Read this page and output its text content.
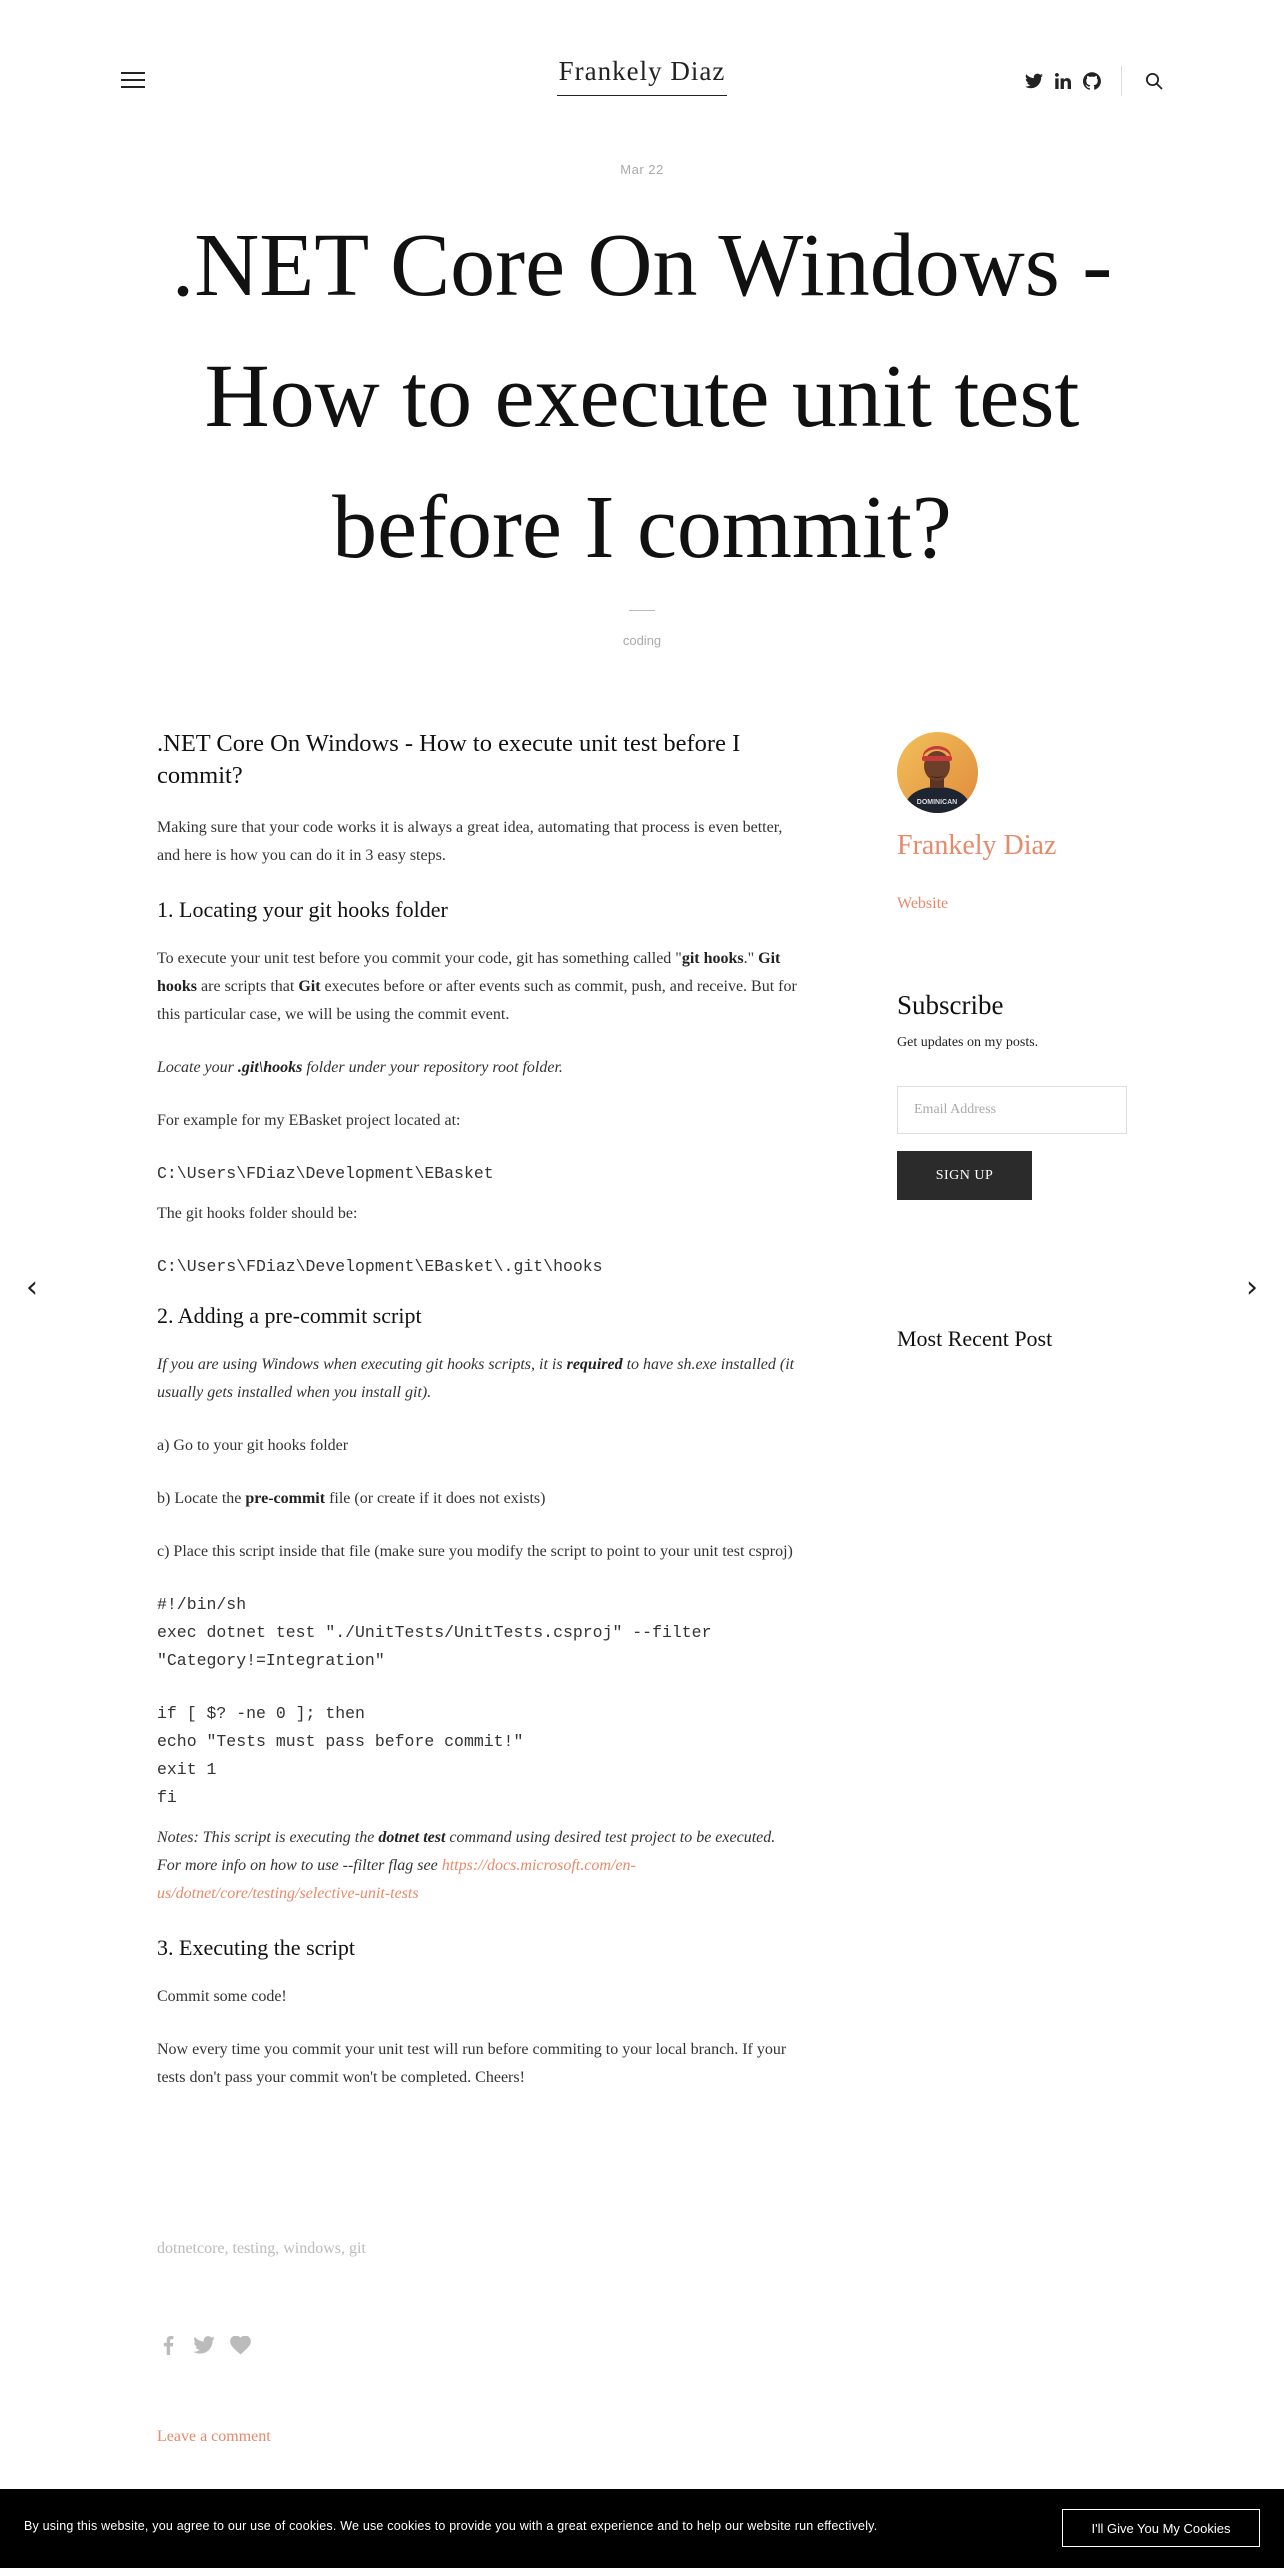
Frankely Diaz
Mar 22
.NET Core On Windows - How to execute unit test before I commit?
coding
.NET Core On Windows - How to execute unit test before I commit?

Making sure that your code works it is always a great idea, automating that process is even better, and here is how you can do it in 3 easy steps.

1. Locating your git hooks folder

To execute your unit test before you commit your code, git has something called "git hooks." Git hooks are scripts that Git executes before or after events such as commit, push, and receive. But for this particular case, we will be using the commit event.

Locate your .git\hooks folder under your repository root folder.

For example for my EBasket project located at:

C:\Users\FDiaz\Development\EBasket

The git hooks folder should be:

C:\Users\FDiaz\Development\EBasket\.git\hooks
2. Adding a pre-commit script

If you are using Windows when executing git hooks scripts, it is required to have sh.exe installed (it usually gets installed when you install git).

a) Go to your git hooks folder

b) Locate the pre-commit file (or create if it does not exists)

c) Place this script inside that file (make sure you modify the script to point to your unit test csproj)

#!/bin/sh
exec dotnet test "./UnitTests/UnitTests.csproj" --filter "Category!=Integration"
if [ $? -ne 0 ]; then
echo "Tests must pass before commit!"
exit 1
fi

Notes: This script is executing the dotnet test command using desired test project to be executed. For more info on how to use --filter flag see https://docs.microsoft.com/en-us/dotnet/core/testing/selective-unit-tests

3. Executing the script

Commit some code!

Now every time you commit your unit test will run before commiting to your local branch. If your tests don't pass your commit won't be completed. Cheers!

dotnetcore, testing, windows, git
Leave a comment
DOMINICAN
Frankely Diaz
Website
Subscribe
Get updates on my posts.
Email Address
SIGN UP
Most Recent Post
‹	›
By using this website, you agree to our use of cookies. We use cookies to provide you with a great experience and to help our website run effectively.	I'll Give You My Cookies
